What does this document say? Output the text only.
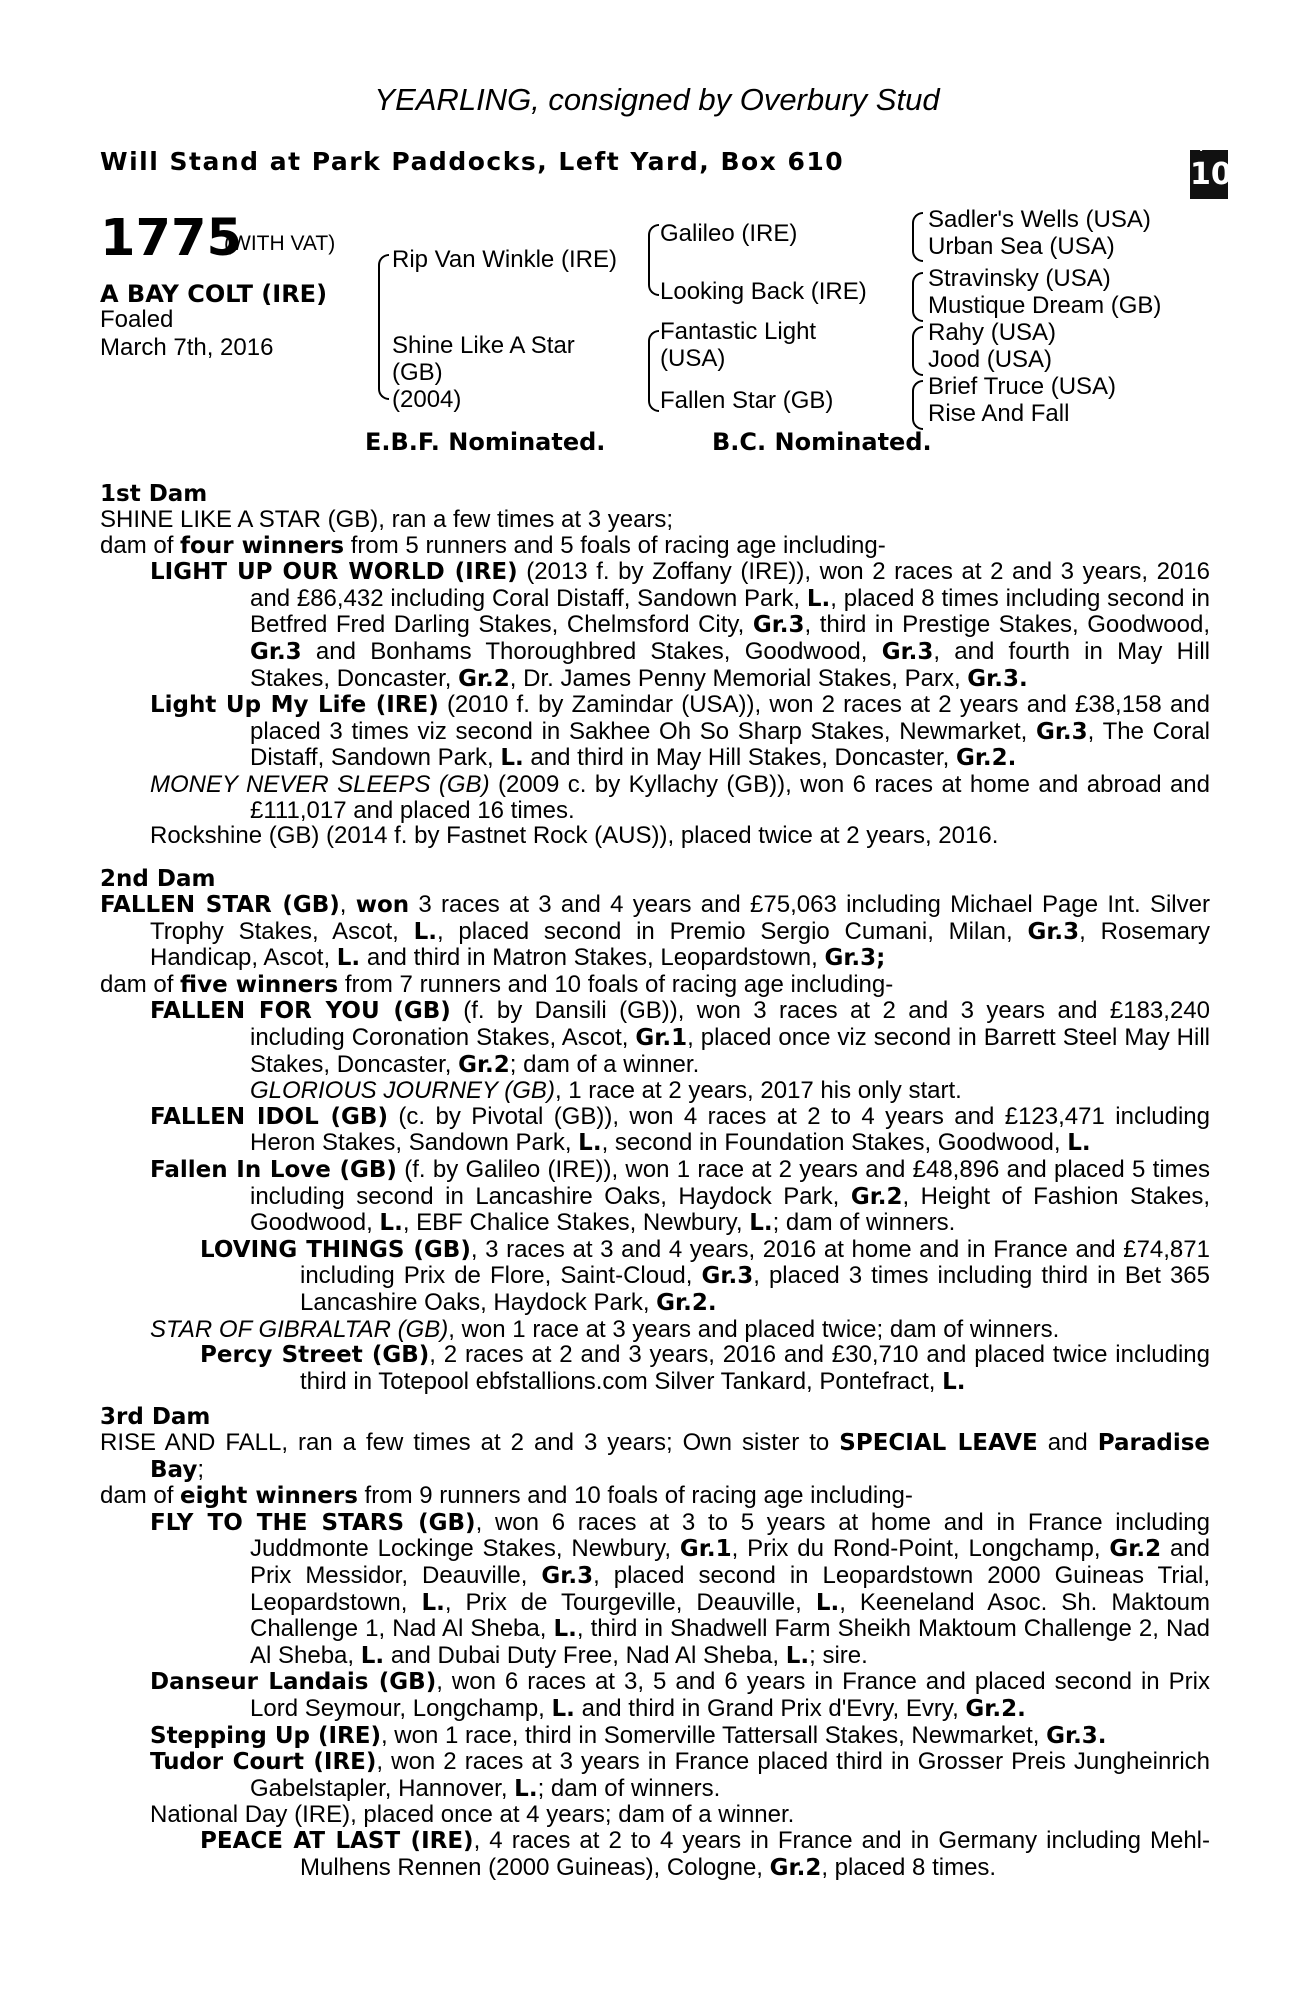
YEARLING, consigned by Overbury Stud
Will Stand at Park Paddocks, Left Yard, Box 610
+
10
1775
(WITH VAT)
A BAY COLT (IRE)
Foaled
March 7th, 2016
Rip Van Winkle (IRE)
Shine Like A Star
(GB)
(2004)
Galileo (IRE)
Looking Back (IRE)
Fantastic Light
(USA)
Fallen Star (GB)
Sadler's Wells (USA)
Urban Sea (USA)
Stravinsky (USA)
Mustique Dream (GB)
Rahy (USA)
Jood (USA)
Brief Truce (USA)
Rise And Fall
E.B.F. Nominated.	B.C. Nominated.

1st Dam

SHINE LIKE A STAR (GB), ran a few times at 3 years;

dam of four winners from 5 runners and 5 foals of racing age including-

LIGHT UP OUR WORLD (IRE) (2013 f. by Zoffany (IRE)), won 2 races at 2 and 3 years, 2016 and £86,432 including Coral Distaff, Sandown Park, L., placed 8 times including second in Betfred Fred Darling Stakes, Chelmsford City, Gr.3, third in Prestige Stakes, Goodwood, Gr.3 and Bonhams Thoroughbred Stakes, Goodwood, Gr.3, and fourth in May Hill Stakes, Doncaster, Gr.2, Dr. James Penny Memorial Stakes, Parx, Gr.3.

Light Up My Life (IRE) (2010 f. by Zamindar (USA)), won 2 races at 2 years and £38,158 and placed 3 times viz second in Sakhee Oh So Sharp Stakes, Newmarket, Gr.3, The Coral Distaff, Sandown Park, L. and third in May Hill Stakes, Doncaster, Gr.2.

MONEY NEVER SLEEPS (GB) (2009 c. by Kyllachy (GB)), won 6 races at home and abroad and £111,017 and placed 16 times.

Rockshine (GB) (2014 f. by Fastnet Rock (AUS)), placed twice at 2 years, 2016.

2nd Dam

FALLEN STAR (GB), won 3 races at 3 and 4 years and £75,063 including Michael Page Int. Silver Trophy Stakes, Ascot, L., placed second in Premio Sergio Cumani, Milan, Gr.3, Rosemary Handicap, Ascot, L. and third in Matron Stakes, Leopardstown, Gr.3;

dam of five winners from 7 runners and 10 foals of racing age including-

FALLEN FOR YOU (GB) (f. by Dansili (GB)), won 3 races at 2 and 3 years and £183,240 including Coronation Stakes, Ascot, Gr.1, placed once viz second in Barrett Steel May Hill Stakes, Doncaster, Gr.2; dam of a winner.

GLORIOUS JOURNEY (GB), 1 race at 2 years, 2017 his only start.

FALLEN IDOL (GB) (c. by Pivotal (GB)), won 4 races at 2 to 4 years and £123,471 including Heron Stakes, Sandown Park, L., second in Foundation Stakes, Goodwood, L.

Fallen In Love (GB) (f. by Galileo (IRE)), won 1 race at 2 years and £48,896 and placed 5 times including second in Lancashire Oaks, Haydock Park, Gr.2, Height of Fashion Stakes, Goodwood, L., EBF Chalice Stakes, Newbury, L.; dam of winners.

LOVING THINGS (GB), 3 races at 3 and 4 years, 2016 at home and in France and £74,871 including Prix de Flore, Saint-Cloud, Gr.3, placed 3 times including third in Bet 365 Lancashire Oaks, Haydock Park, Gr.2.

STAR OF GIBRALTAR (GB), won 1 race at 3 years and placed twice; dam of winners.

Percy Street (GB), 2 races at 2 and 3 years, 2016 and £30,710 and placed twice including third in Totepool ebfstallions.com Silver Tankard, Pontefract, L.

3rd Dam

RISE AND FALL, ran a few times at 2 and 3 years; Own sister to SPECIAL LEAVE and Paradise Bay;

dam of eight winners from 9 runners and 10 foals of racing age including-

FLY TO THE STARS (GB), won 6 races at 3 to 5 years at home and in France including Juddmonte Lockinge Stakes, Newbury, Gr.1, Prix du Rond-Point, Longchamp, Gr.2 and Prix Messidor, Deauville, Gr.3, placed second in Leopardstown 2000 Guineas Trial, Leopardstown, L., Prix de Tourgeville, Deauville, L., Keeneland Asoc. Sh. Maktoum Challenge 1, Nad Al Sheba, L., third in Shadwell Farm Sheikh Maktoum Challenge 2, Nad Al Sheba, L. and Dubai Duty Free, Nad Al Sheba, L.; sire.

Danseur Landais (GB), won 6 races at 3, 5 and 6 years in France and placed second in Prix Lord Seymour, Longchamp, L. and third in Grand Prix d'Evry, Evry, Gr.2.

Stepping Up (IRE), won 1 race, third in Somerville Tattersall Stakes, Newmarket, Gr.3.

Tudor Court (IRE), won 2 races at 3 years in France placed third in Grosser Preis Jungheinrich Gabelstapler, Hannover, L.; dam of winners.

National Day (IRE), placed once at 4 years; dam of a winner.

PEACE AT LAST (IRE), 4 races at 2 to 4 years in France and in Germany including Mehl-Mulhens Rennen (2000 Guineas), Cologne, Gr.2, placed 8 times.
